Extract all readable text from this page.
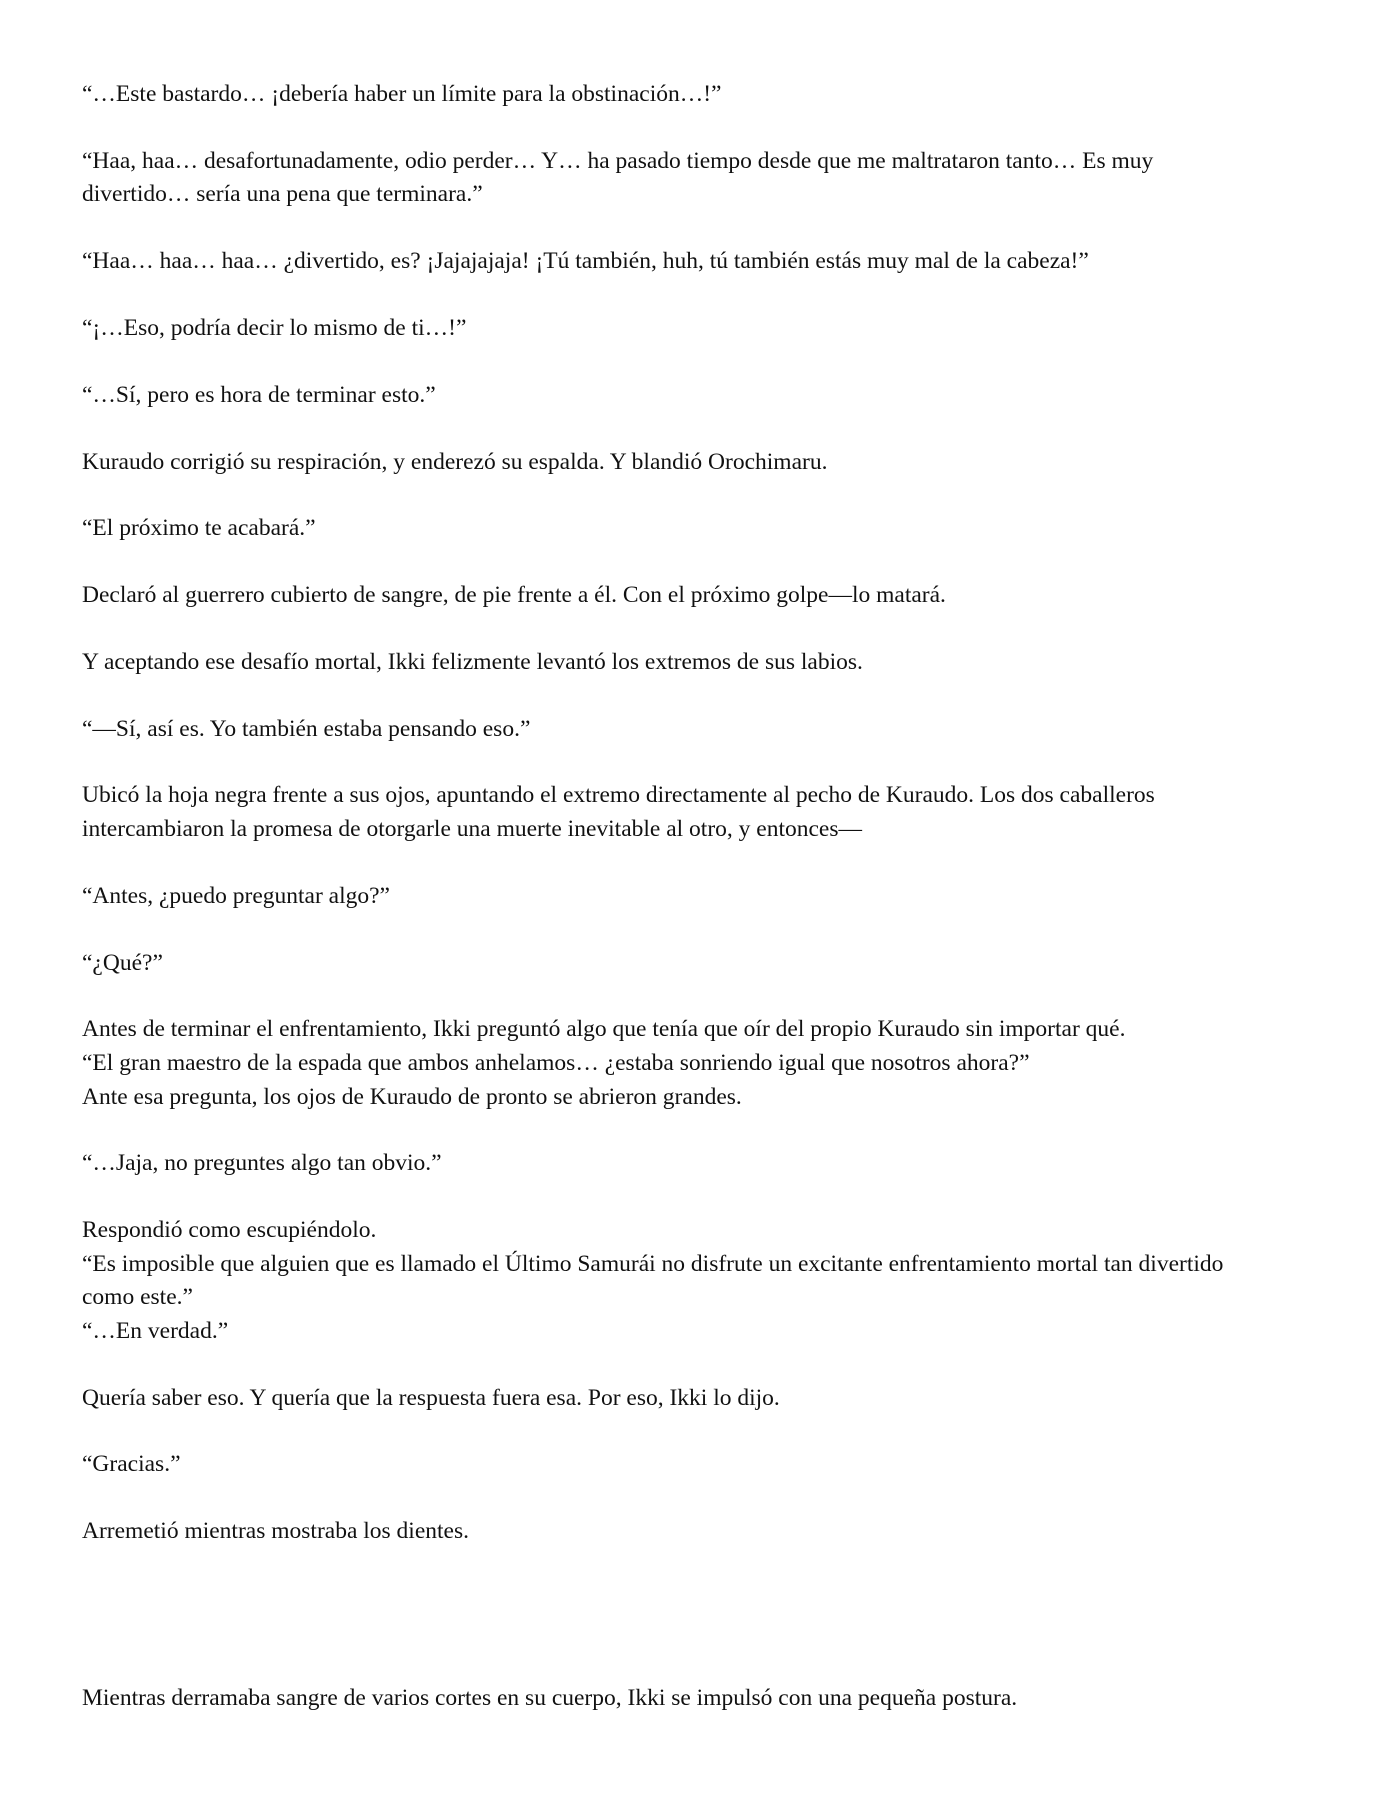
“…Este bastardo… ¡debería haber un límite para la obstinación…!”

“Haa, haa… desafortunadamente, odio perder… Y… ha pasado tiempo desde que me maltrataron tanto… Es muy
divertido… sería una pena que terminara.”

“Haa… haa… haa… ¿divertido, es? ¡Jajajajaja! ¡Tú también, huh, tú también estás muy mal de la cabeza!”

“¡…Eso, podría decir lo mismo de ti…!”

“…Sí, pero es hora de terminar esto.”

Kuraudo corrigió su respiración, y enderezó su espalda. Y blandió Orochimaru.

“El próximo te acabará.”

Declaró al guerrero cubierto de sangre, de pie frente a él. Con el próximo golpe—lo matará.

Y aceptando ese desafío mortal, Ikki felizmente levantó los extremos de sus labios.

“—Sí, así es. Yo también estaba pensando eso.”

Ubicó la hoja negra frente a sus ojos, apuntando el extremo directamente al pecho de Kuraudo. Los dos caballeros
intercambiaron la promesa de otorgarle una muerte inevitable al otro, y entonces—

“Antes, ¿puedo preguntar algo?”

“¿Qué?”

Antes de terminar el enfrentamiento, Ikki preguntó algo que tenía que oír del propio Kuraudo sin importar qué.
“El gran maestro de la espada que ambos anhelamos… ¿estaba sonriendo igual que nosotros ahora?”
Ante esa pregunta, los ojos de Kuraudo de pronto se abrieron grandes.

“…Jaja, no preguntes algo tan obvio.”

Respondió como escupiéndolo.
“Es imposible que alguien que es llamado el Último Samurái no disfrute un excitante enfrentamiento mortal tan divertido
como este.”
“…En verdad.”

Quería saber eso. Y quería que la respuesta fuera esa. Por eso, Ikki lo dijo.

“Gracias.”

Arremetió mientras mostraba los dientes.

Mientras derramaba sangre de varios cortes en su cuerpo, Ikki se impulsó con una pequeña postura.
